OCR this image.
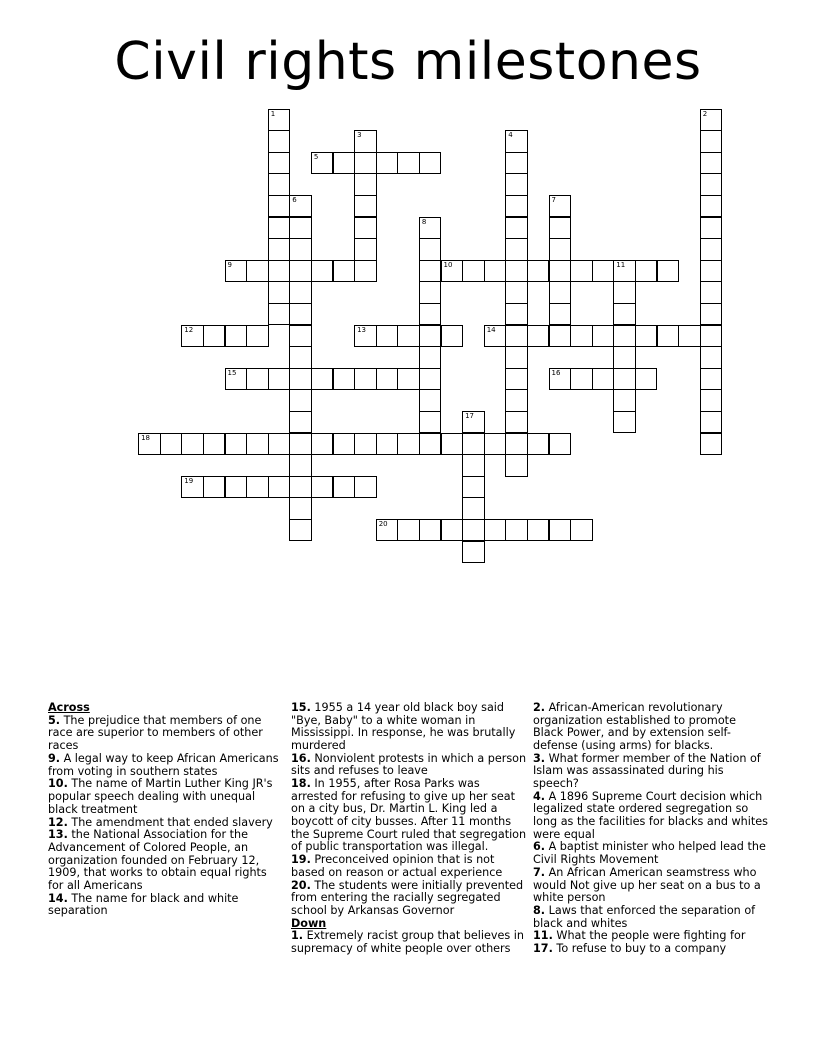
Civil rights milestones
5
9	10	11
12	13	14
15	16
18
19
20
1	2
3	4
6	7
8
17

Across

5. The prejudice that members of one race are superior to members of other races

9. A legal way to keep African Americans from voting in southern states

10. The name of Martin Luther King JR's popular speech dealing with unequal black treatment

12. The amendment that ended slavery

13. the National Association for the Advancement of Colored People, an organization founded on February 12, 1909, that works to obtain equal rights for all Americans

14. The name for black and white separation

15. 1955 a 14 year old black boy said "Bye, Baby" to a white woman in Mississippi. In response, he was brutally murdered

16. Nonviolent protests in which a person sits and refuses to leave

18. In 1955, after Rosa Parks was arrested for refusing to give up her seat on a city bus, Dr. Martin L. King led a boycott of city busses. After 11 months the Supreme Court ruled that segregation of public transportation was illegal.

19. Preconceived opinion that is not based on reason or actual experience

20. The students were initially prevented from entering the racially segregated school by Arkansas Governor

Down

1. Extremely racist group that believes in supremacy of white people over others

2. African-American revolutionary organization established to promote Black Power, and by extension self-defense (using arms) for blacks.

3. What former member of the Nation of Islam was assassinated during his speech?

4. A 1896 Supreme Court decision which legalized state ordered segregation so long as the facilities for blacks and whites were equal

6. A baptist minister who helped lead the Civil Rights Movement

7. An African American seamstress who would Not give up her seat on a bus to a white person

8. Laws that enforced the separation of black and whites

11. What the people were fighting for

17. To refuse to buy to a company
